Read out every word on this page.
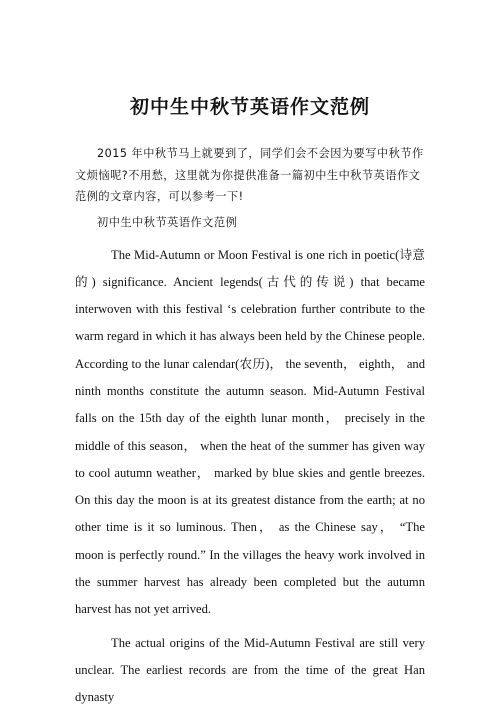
初中生中秋节英语作文范例

2015 年中秋节马上就要到了，同学们会不会因为要写中秋节作文烦恼呢?不用愁，这里就为你提供准备一篇初中生中秋节英语作文范例的文章内容，可以参考一下!

初中生中秋节英语作文范例

The Mid-Autumn or Moon Festival is one rich in poetic(诗意的) significance. Ancient legends(古代的传说) that became interwoven with this festival ‘s celebration further contribute to the warm regard in which it has always been held by the Chinese people. According to the lunar calendar(农历)， the seventh， eighth， and ninth months constitute the autumn season. Mid-Autumn Festival falls on the 15th day of the eighth lunar month， precisely in the middle of this season， when the heat of the summer has given way to cool autumn weather， marked by blue skies and gentle breezes. On this day the moon is at its greatest distance from the earth; at no other time is it so luminous. Then， as the Chinese say， “The moon is perfectly round.” In the villages the heavy work involved in the summer harvest has already been completed but the autumn harvest has not yet arrived.

The actual origins of the Mid-Autumn Festival are still very unclear. The earliest records are from the time of the great Han dynasty
